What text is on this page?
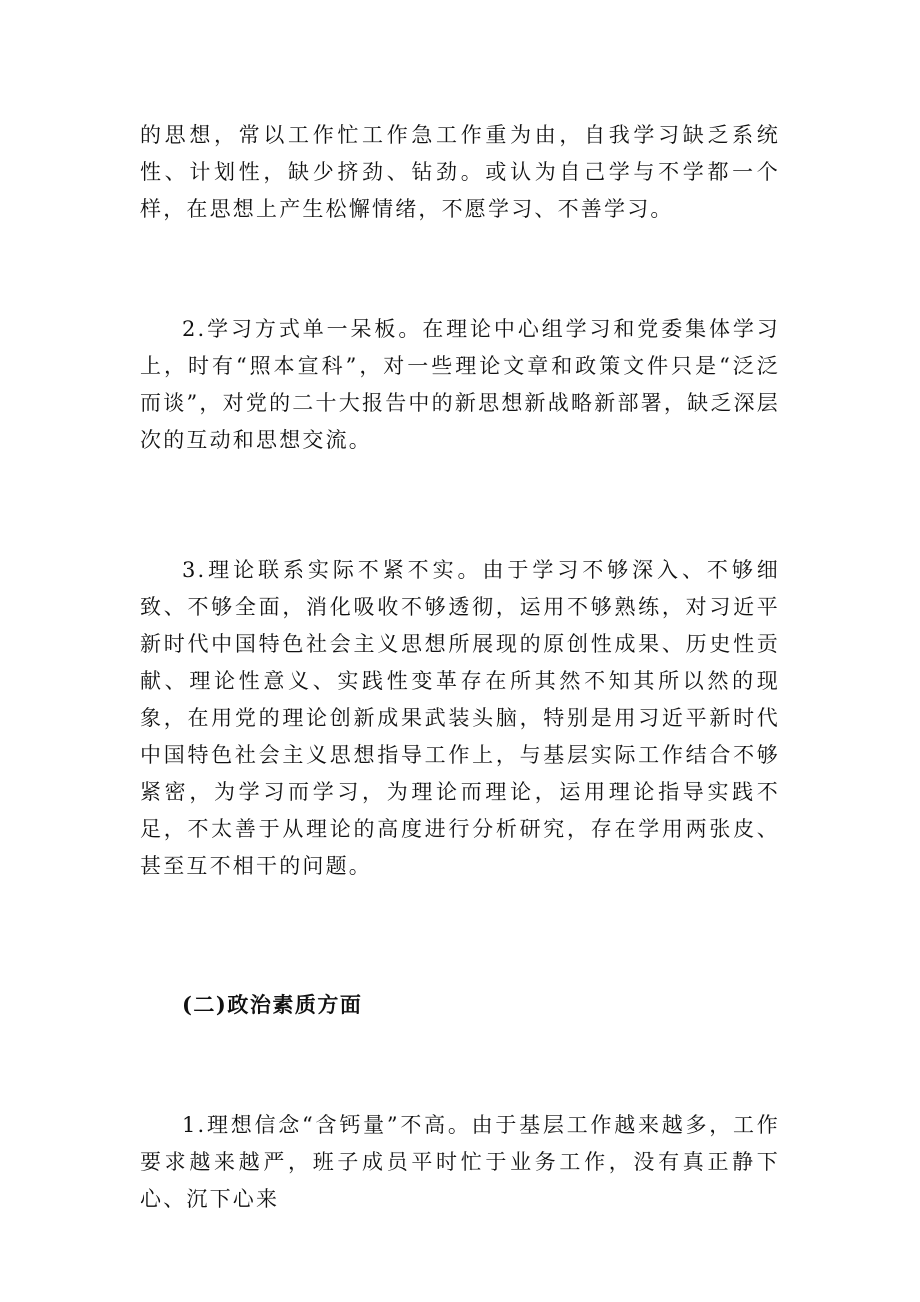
的思想，常以工作忙工作急工作重为由，自我学习缺乏系统性、计划性，缺少挤劲、钻劲。或认为自己学与不学都一个样，在思想上产生松懈情绪，不愿学习、不善学习。

2.学习方式单一呆板。在理论中心组学习和党委集体学习上，时有“照本宣科”，对一些理论文章和政策文件只是“泛泛而谈”，对党的二十大报告中的新思想新战略新部署，缺乏深层次的互动和思想交流。

3.理论联系实际不紧不实。由于学习不够深入、不够细致、不够全面，消化吸收不够透彻，运用不够熟练，对习近平新时代中国特色社会主义思想所展现的原创性成果、历史性贡献、理论性意义、实践性变革存在所其然不知其所以然的现象，在用党的理论创新成果武装头脑，特别是用习近平新时代中国特色社会主义思想指导工作上，与基层实际工作结合不够紧密，为学习而学习，为理论而理论，运用理论指导实践不足，不太善于从理论的高度进行分析研究，存在学用两张皮、甚至互不相干的问题。

(二)政治素质方面

1.理想信念“含钙量”不高。由于基层工作越来越多，工作要求越来越严，班子成员平时忙于业务工作，没有真正静下心、沉下心来
